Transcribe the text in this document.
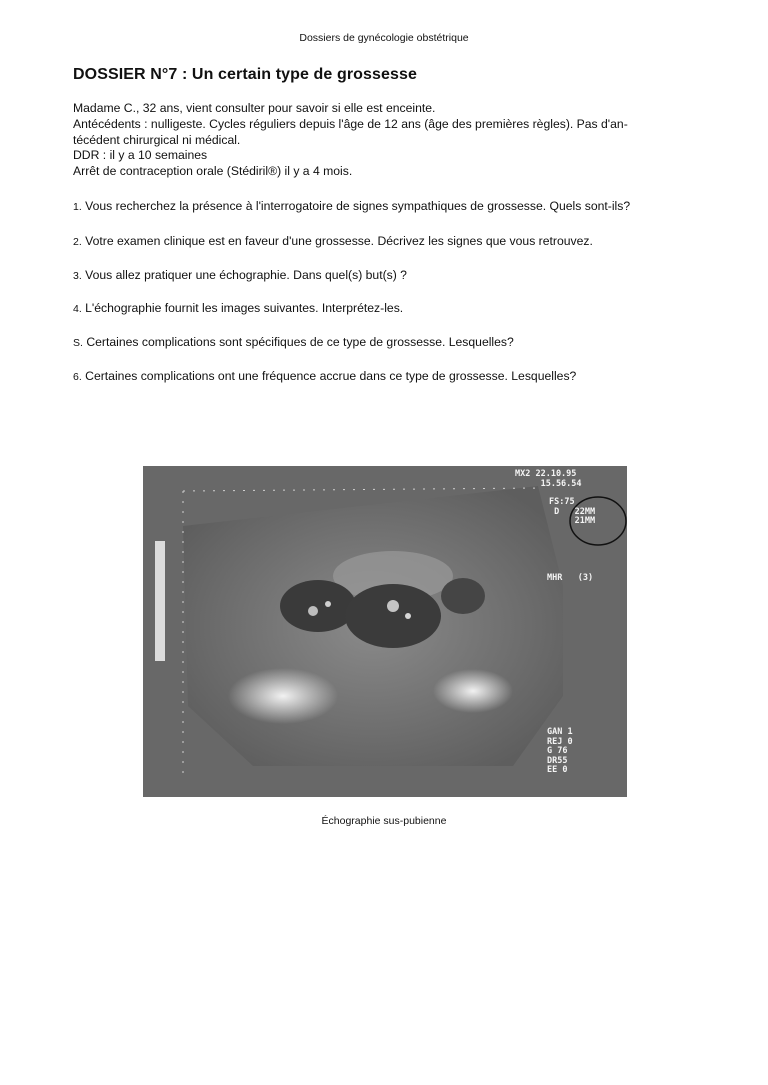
Dossiers de gynécologie obstétrique
DOSSIER N°7 : Un certain type de grossesse
Madame C., 32 ans, vient consulter pour savoir si elle est enceinte.
Antécédents : nulligeste. Cycles réguliers depuis l'âge de 12 ans (âge des premières règles). Pas d'an-
técédent chirurgical ni médical.
DDR : il y a 10 semaines
Arrêt de contraception orale (Stédiril®) il y a 4 mois.
1. Vous recherchez la présence à l'interrogatoire de signes sympathiques de grossesse. Quels sont-ils?
2. Votre examen clinique est en faveur d'une grossesse. Décrivez les signes que vous retrouvez.
3. Vous allez pratiquer une échographie. Dans quel(s) but(s) ?
4. L'échographie fournit les images suivantes. Interprétez-les.
S. Certaines complications sont spécifiques de ce type de grossesse. Lesquelles?
6. Certaines complications ont une fréquence accrue dans ce type de grossesse. Lesquelles?
MX2 22.10.95
15.56.54
FS:75
D   22MM
21MM
MHR   (3)
GAN 1
REJ 0
G 76
DR55
EE 0
Échographie sus-pubienne
